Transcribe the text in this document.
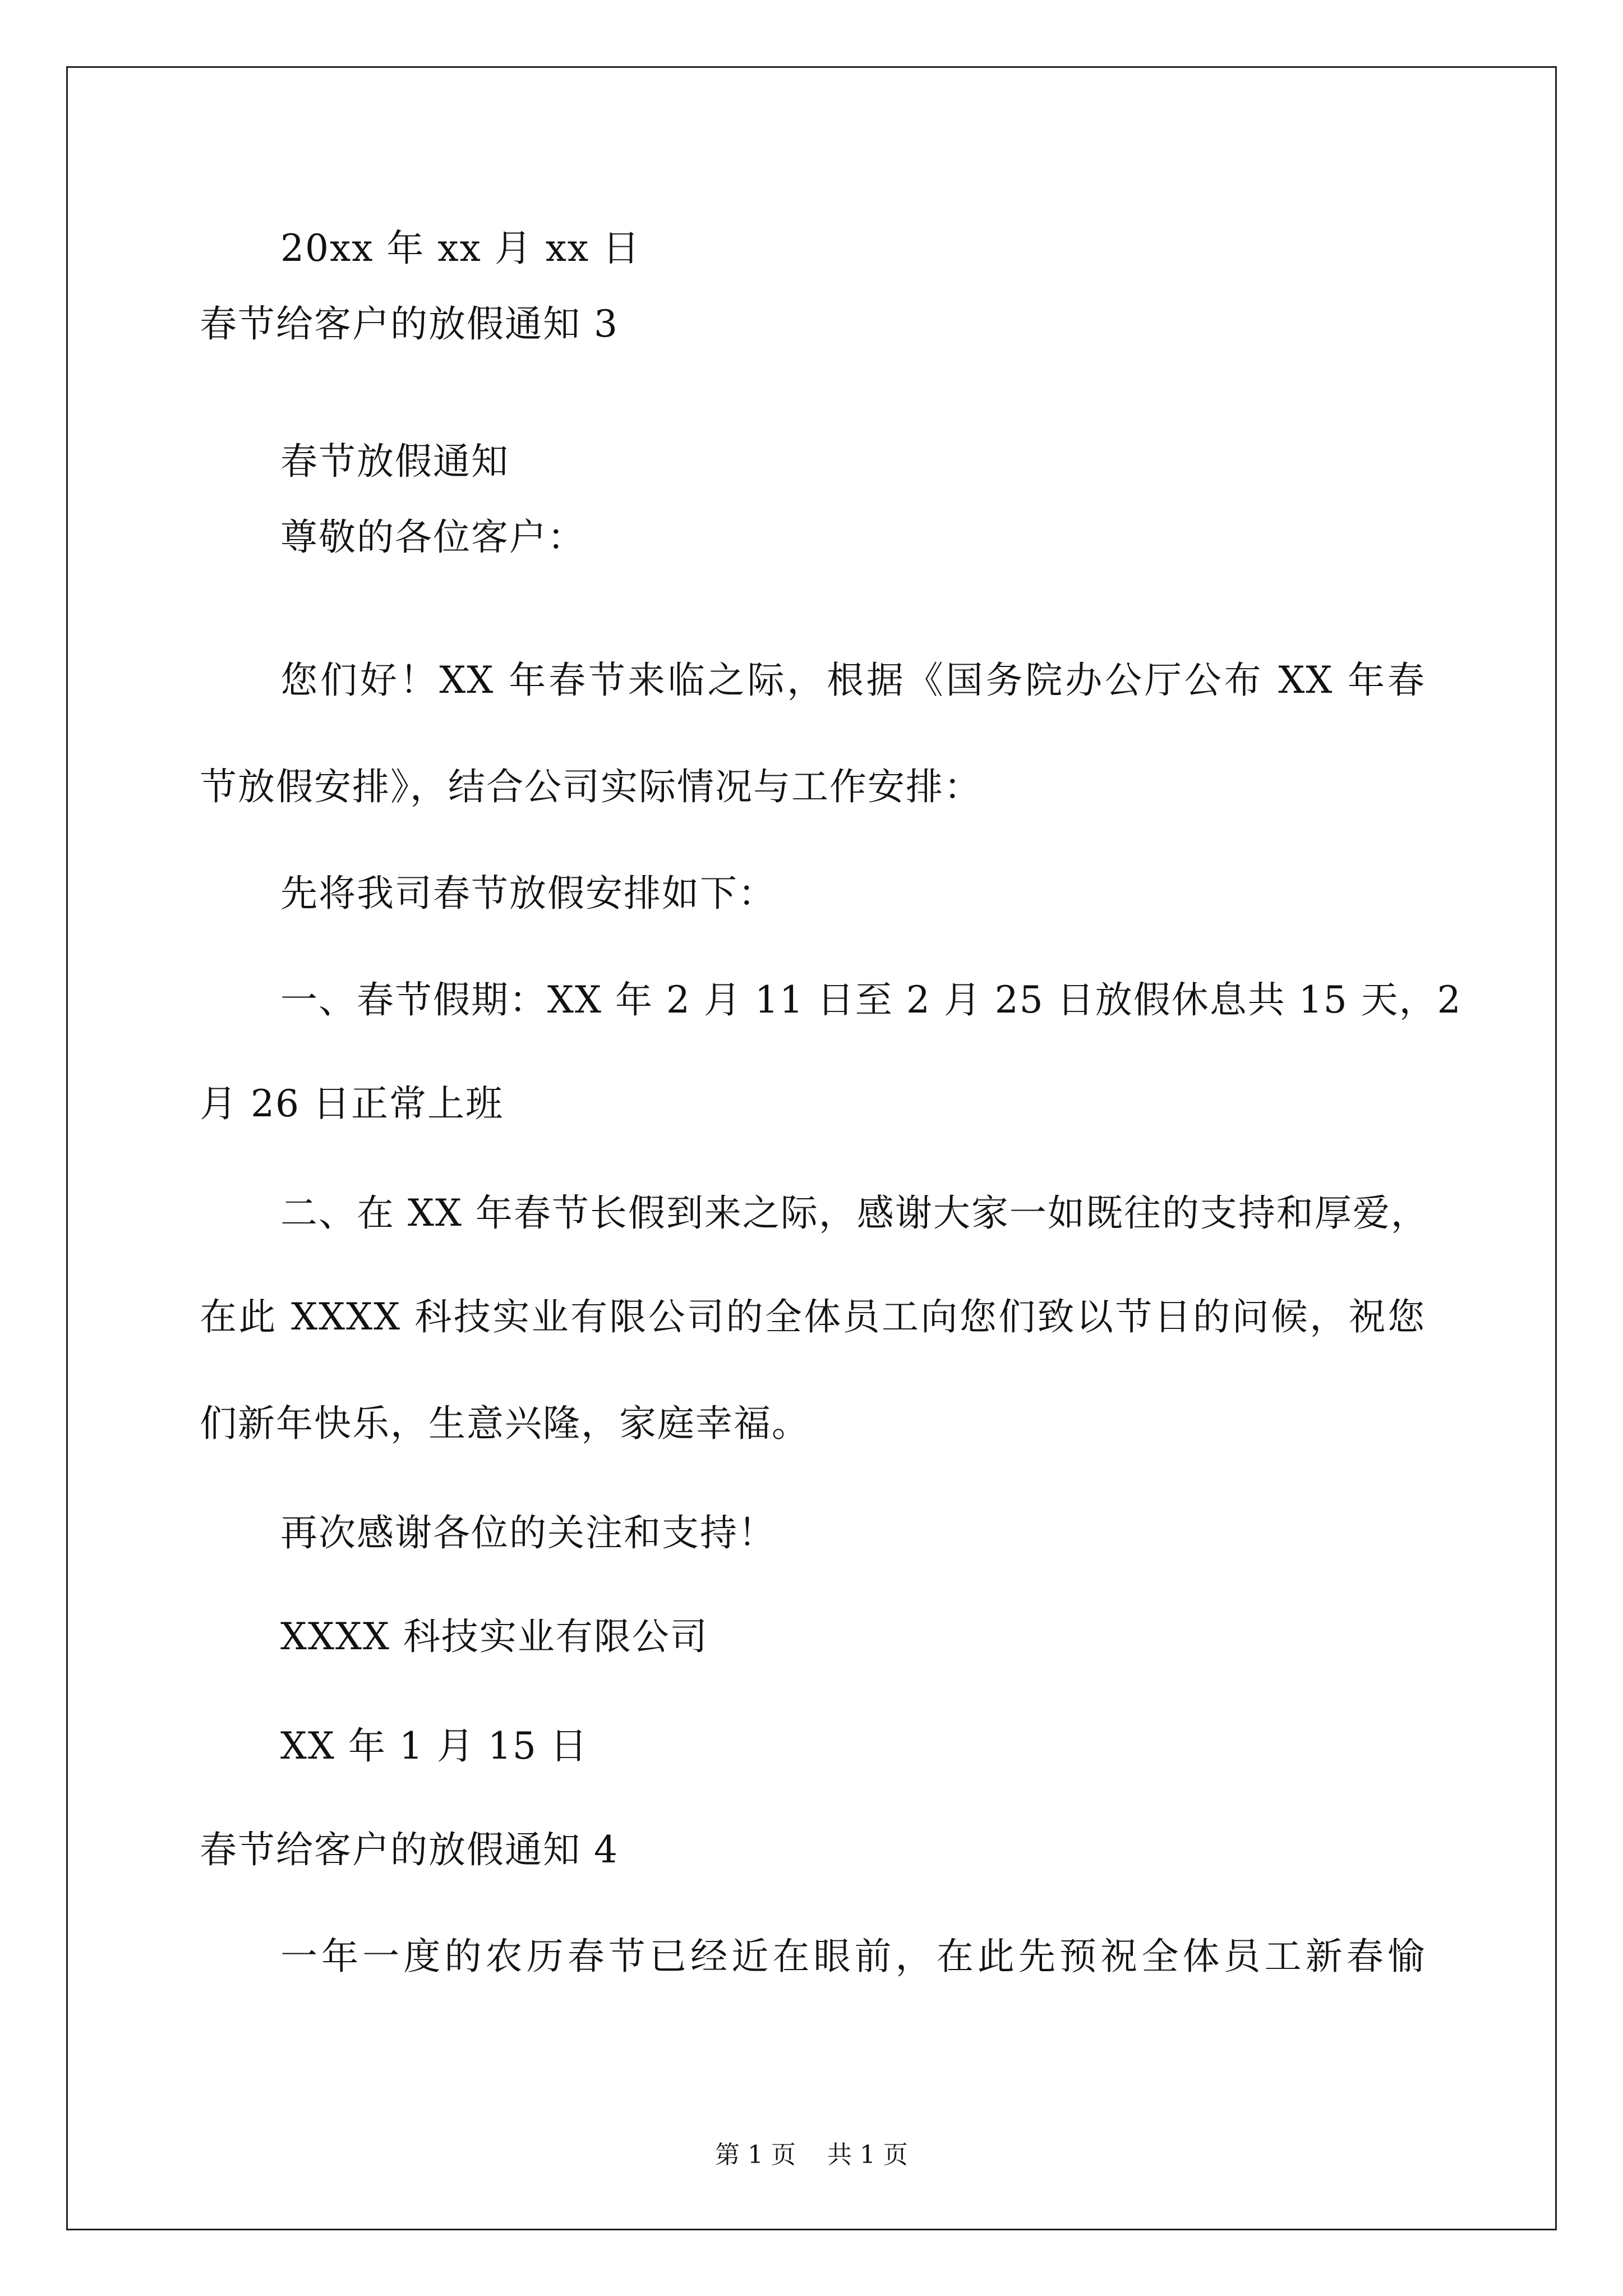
20xx 年 xx 月 xx 日
春节给客户的放假通知 3
春节放假通知
尊敬的各位客户：
您们好！XX 年春节来临之际，根据《国务院办公厅公布 XX 年春
节放假安排》，结合公司实际情况与工作安排：
先将我司春节放假安排如下：
一、春节假期：XX 年 2 月 11 日至 2 月 25 日放假休息共 15 天，2
月 26 日正常上班
二、在 XX 年春节长假到来之际，感谢大家一如既往的支持和厚爱，
在此 XXXX 科技实业有限公司的全体员工向您们致以节日的问候，祝您
们新年快乐，生意兴隆，家庭幸福。
再次感谢各位的关注和支持！
XXXX 科技实业有限公司
XX 年 1 月 15 日
春节给客户的放假通知 4
一年一度的农历春节已经近在眼前，在此先预祝全体员工新春愉
第 1 页    共 1 页
